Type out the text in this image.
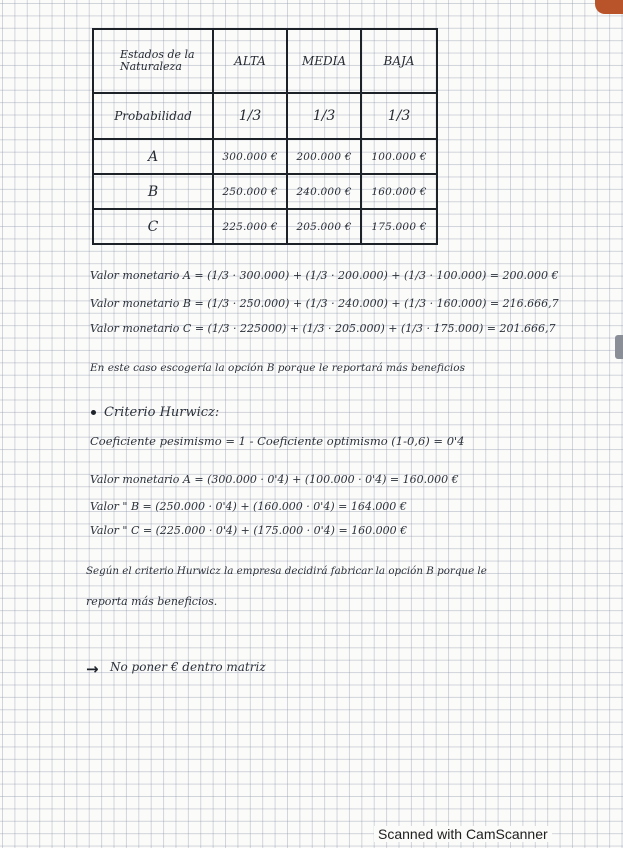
Estados de la Naturaleza	ALTA	MEDIA	BAJA
Probabilidad	1/3	1/3	1/3
A	300.000 €	200.000 €	100.000 €
B	250.000 €	240.000 €	160.000 €
C	225.000 €	205.000 €	175.000 €
Valor monetario A = (1/3 · 300.000) + (1/3 · 200.000) + (1/3 · 100.000) = 200.000 €
Valor monetario B = (1/3 · 250.000) + (1/3 · 240.000) + (1/3 · 160.000) = 216.666,7
Valor monetario C = (1/3 · 225000) + (1/3 · 205.000) + (1/3 · 175.000) = 201.666,7
En este caso escogería la opción B porque le reportará más beneficios
Criterio Hurwicz:
Coeficiente pesimismo = 1 - Coeficiente optimismo (1-0,6) = 0'4
Valor monetario A = (300.000 · 0'4) + (100.000 · 0'4) = 160.000 €
Valor " B = (250.000 · 0'4) + (160.000 · 0'4) = 164.000 €
Valor " C = (225.000 · 0'4) + (175.000 · 0'4) = 160.000 €
Según el criterio Hurwicz la empresa decidirá fabricar la opción B porque le
reporta más beneficios.
→ No poner € dentro matriz
Scanned with CamScanner
